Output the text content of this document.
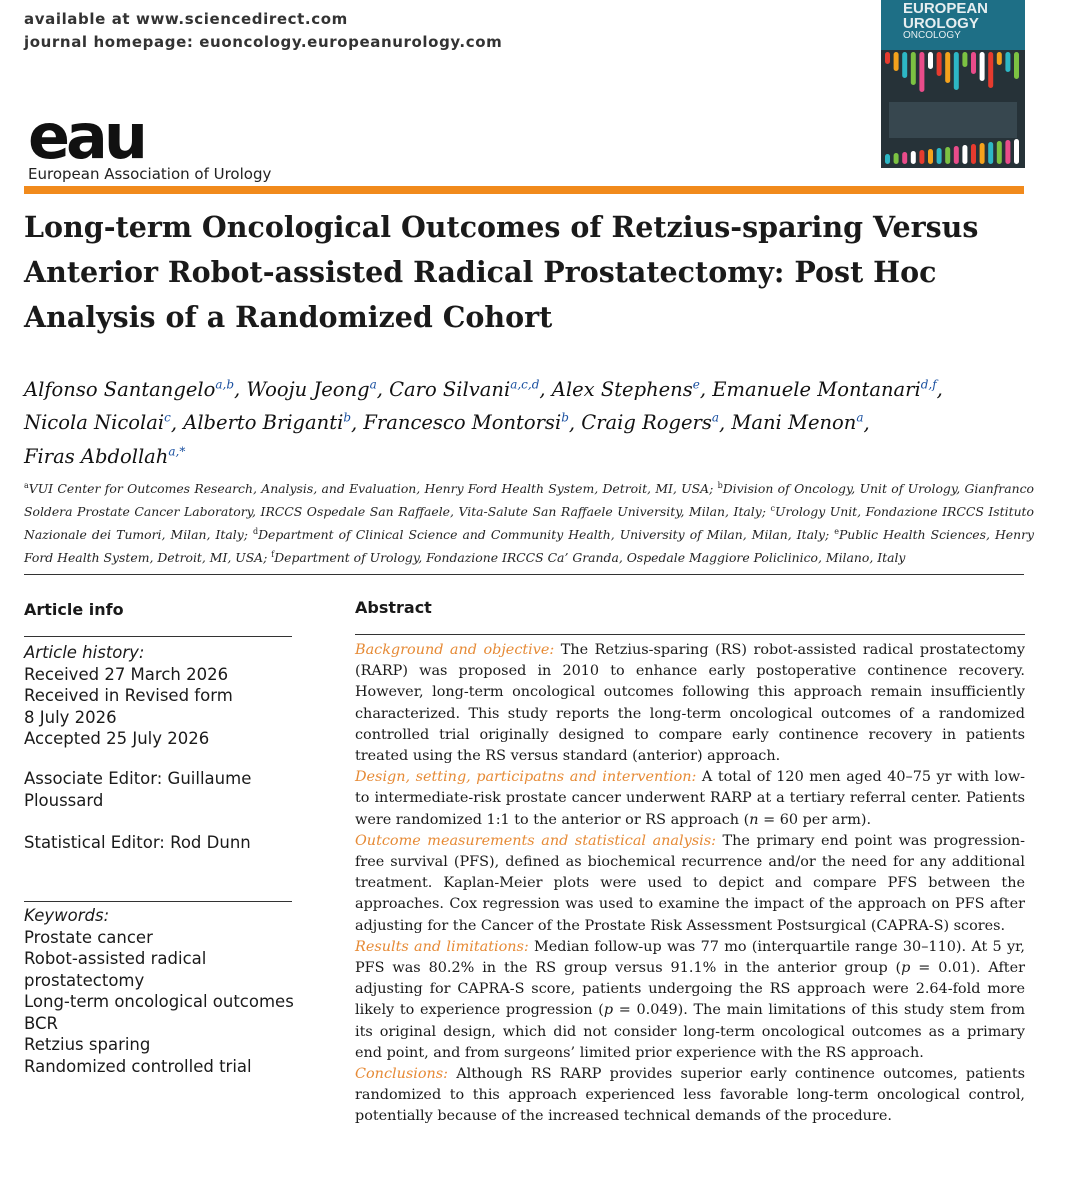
available at www.sciencedirect.com
journal homepage: euoncology.europeanurology.com
EUROPEAN
UROLOGY
ONCOLOGY
eau
European Association of Urology
Long-term Oncological Outcomes of Retzius-sparing Versus Anterior Robot-assisted Radical Prostatectomy: Post Hoc Analysis of a Randomized Cohort
Alfonso Santangelo$^{a,b}$, Wooju Jeong$^a$, Caro Silvani$^{a,c,d}$, Alex Stephens$^e$, Emanuele Montanari$^{d,f}$,
Nicola Nicolai$^c$, Alberto Briganti$^b$, Francesco Montorsi$^b$, Craig Rogers$^a$, Mani Menon$^a$,
Firas Abdollah$^{a,*}$
$^a$VUI Center for Outcomes Research, Analysis, and Evaluation, Henry Ford Health System, Detroit, MI, USA; $^b$Division of Oncology, Unit of Urology, Gianfranco Soldera Prostate Cancer Laboratory, IRCCS Ospedale San Raffaele, Vita-Salute San Raffaele University, Milan, Italy; $^c$Urology Unit, Fondazione IRCCS Istituto Nazionale dei Tumori, Milan, Italy; $^d$Department of Clinical Science and Community Health, University of Milan, Milan, Italy; $^e$Public Health Sciences, Henry Ford Health System, Detroit, MI, USA; $^f$Department of Urology, Fondazione IRCCS Ca’ Granda, Ospedale Maggiore Policlinico, Milano, Italy
Article info

Article history:

Received 27 March 2026

Received in Revised form

8 July 2026

Accepted 25 July 2026

Associate Editor: Guillaume Ploussard
Statistical Editor: Rod Dunn

Keywords:

Prostate cancer

Robot-assisted radical prostatectomy

Long-term oncological outcomes

BCR

Retzius sparing

Randomized controlled trial

Abstract

Background and objective: The Retzius-sparing (RS) robot-assisted radical prostatectomy (RARP) was proposed in 2010 to enhance early postoperative continence recovery. However, long-term oncological outcomes following this approach remain insufficiently characterized. This study reports the long-term oncological outcomes of a randomized controlled trial originally designed to compare early continence recovery in patients treated using the RS versus standard (anterior) approach.

Design, setting, participatns and intervention: A total of 120 men aged 40–75 yr with low- to intermediate-risk prostate cancer underwent RARP at a tertiary referral center. Patients were randomized 1:1 to the anterior or RS approach (n = 60 per arm).

Outcome measurements and statistical analysis: The primary end point was progression-free survival (PFS), defined as biochemical recurrence and/or the need for any additional treatment. Kaplan-Meier plots were used to depict and compare PFS between the approaches. Cox regression was used to examine the impact of the approach on PFS after adjusting for the Cancer of the Prostate Risk Assessment Postsurgical (CAPRA-S) scores.

Results and limitations: Median follow-up was 77 mo (interquartile range 30–110). At 5 yr, PFS was 80.2% in the RS group versus 91.1% in the anterior group (p = 0.01). After adjusting for CAPRA-S score, patients undergoing the RS approach were 2.64-fold more likely to experience progression (p = 0.049). The main limitations of this study stem from its original design, which did not consider long-term oncological outcomes as a primary end point, and from surgeons’ limited prior experience with the RS approach.

Conclusions: Although RS RARP provides superior early continence outcomes, patients randomized to this approach experienced less favorable long-term oncological control, potentially because of the increased technical demands of the procedure.
